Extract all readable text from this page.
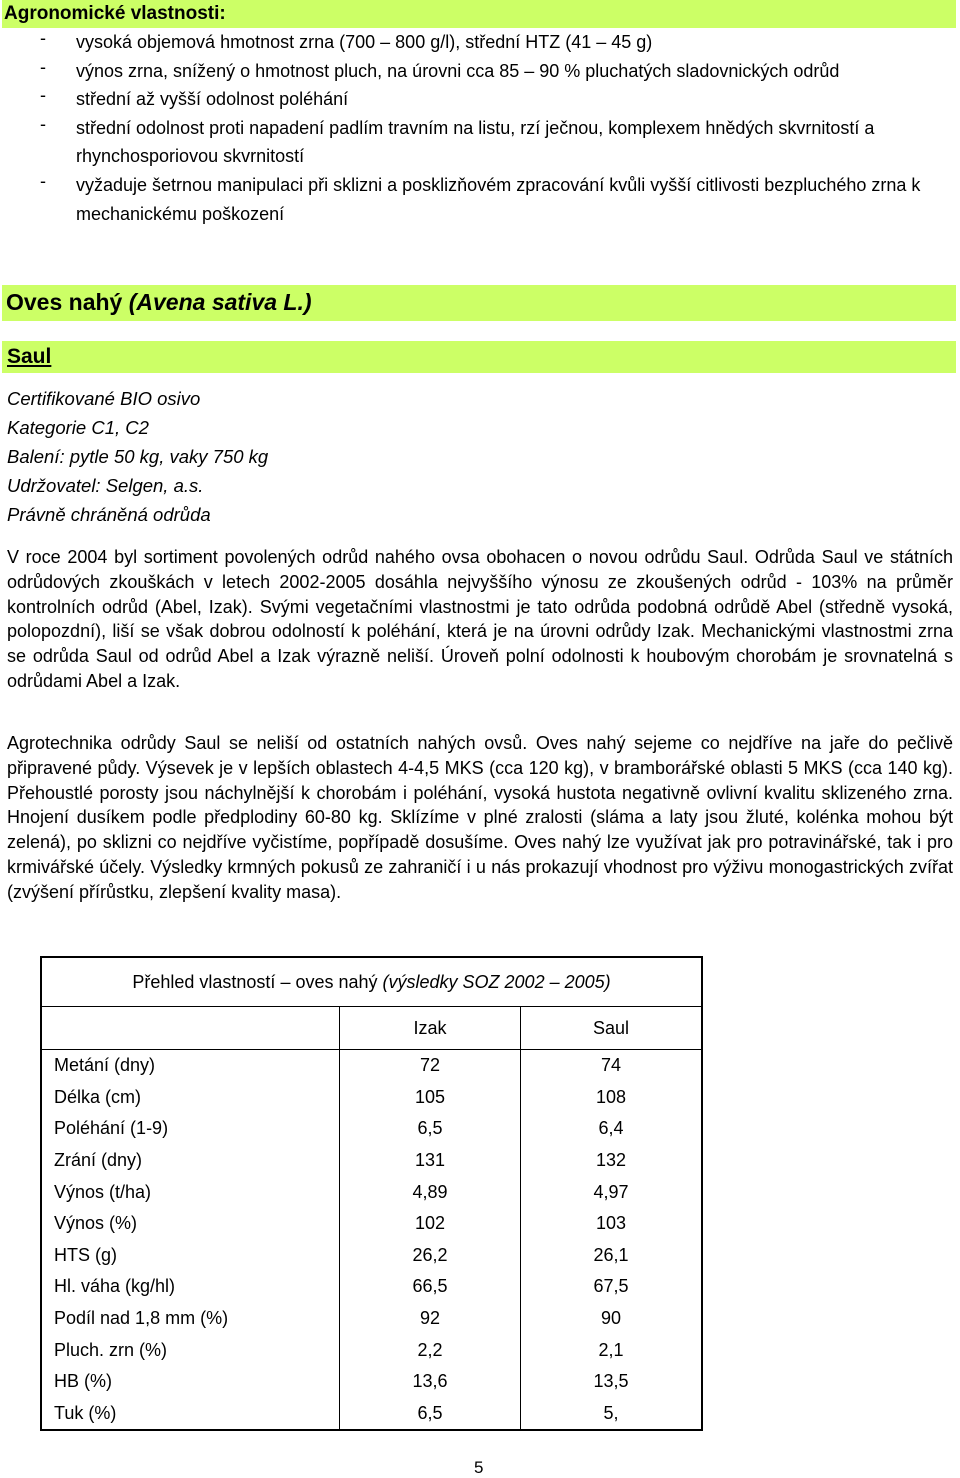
Agronomické vlastnosti:
- vysoká objemová hmotnost zrna (700 – 800 g/l), střední HTZ (41 – 45 g)
- výnos zrna, snížený o hmotnost pluch, na úrovni cca 85 – 90 % pluchatých sladovnických odrůd
- střední až vyšší odolnost poléhání
- střední odolnost proti napadení padlím travním na listu, rzí ječnou, komplexem hnědých skvrnitostí a rhynchosporiovou skvrnitostí
- vyžaduje šetrnou manipulaci při sklizni a posklizňovém zpracování kvůli vyšší citlivosti bezpluchého zrna k mechanickému poškození
Oves nahý (Avena sativa L.)
Saul
Certifikované BIO osivo
Kategorie C1, C2
Balení: pytle 50 kg, vaky 750 kg
Udržovatel: Selgen, a.s.
Právně chráněná odrůda

V roce 2004 byl sortiment povolených odrůd nahého ovsa obohacen o novou odrůdu Saul. Odrůda Saul ve státních odrůdových zkouškách v letech 2002-2005 dosáhla nejvyššího výnosu ze zkoušených odrůd - 103% na průměr kontrolních odrůd (Abel, Izak). Svými vegetačními vlastnostmi je tato odrůda podobná odrůdě Abel (středně vysoká, polopozdní), liší se však dobrou odolností k poléhání, která je na úrovni odrůdy Izak. Mechanickými vlastnostmi zrna se odrůda Saul od odrůd Abel a Izak výrazně neliší. Úroveň polní odolnosti k houbovým chorobám je srovnatelná s odrůdami Abel a Izak.

Agrotechnika odrůdy Saul se neliší od ostatních nahých ovsů. Oves nahý sejeme co nejdříve na jaře do pečlivě připravené půdy. Výsevek je v lepších oblastech 4-4,5 MKS (cca 120 kg), v bramborářské oblasti 5 MKS (cca 140 kg). Přehoustlé porosty jsou náchylnější k chorobám i poléhání, vysoká hustota negativně ovlivní kvalitu sklizeného zrna. Hnojení dusíkem podle předplodiny 60-80 kg. Sklízíme v plné zralosti (sláma a laty jsou žluté, kolénka mohou být zelená), po sklizni co nejdříve vyčistíme, popřípadě dosušíme. Oves nahý lze využívat jak pro potravinářské, tak i pro krmivářské účely. Výsledky krmných pokusů ze zahraničí i u nás prokazují vhodnost pro výživu monogastrických zvířat (zvýšení přírůstku, zlepšení kvality masa).

Přehled vlastností – oves nahý (výsledky SOZ 2002 – 2005)		
	Izak	Saul
Metání (dny)	72	74
Délka (cm)	105	108
Poléhání (1-9)	6,5	6,4
Zrání (dny)	131	132
Výnos (t/ha)	4,89	4,97
Výnos (%)	102	103
HTS (g)	26,2	26,1
Hl. váha (kg/hl)	66,5	67,5
Podíl nad 1,8 mm (%)	92	90
Pluch. zrn (%)	2,2	2,1
HB (%)	13,6	13,5
Tuk (%)	6,5	5,
5
